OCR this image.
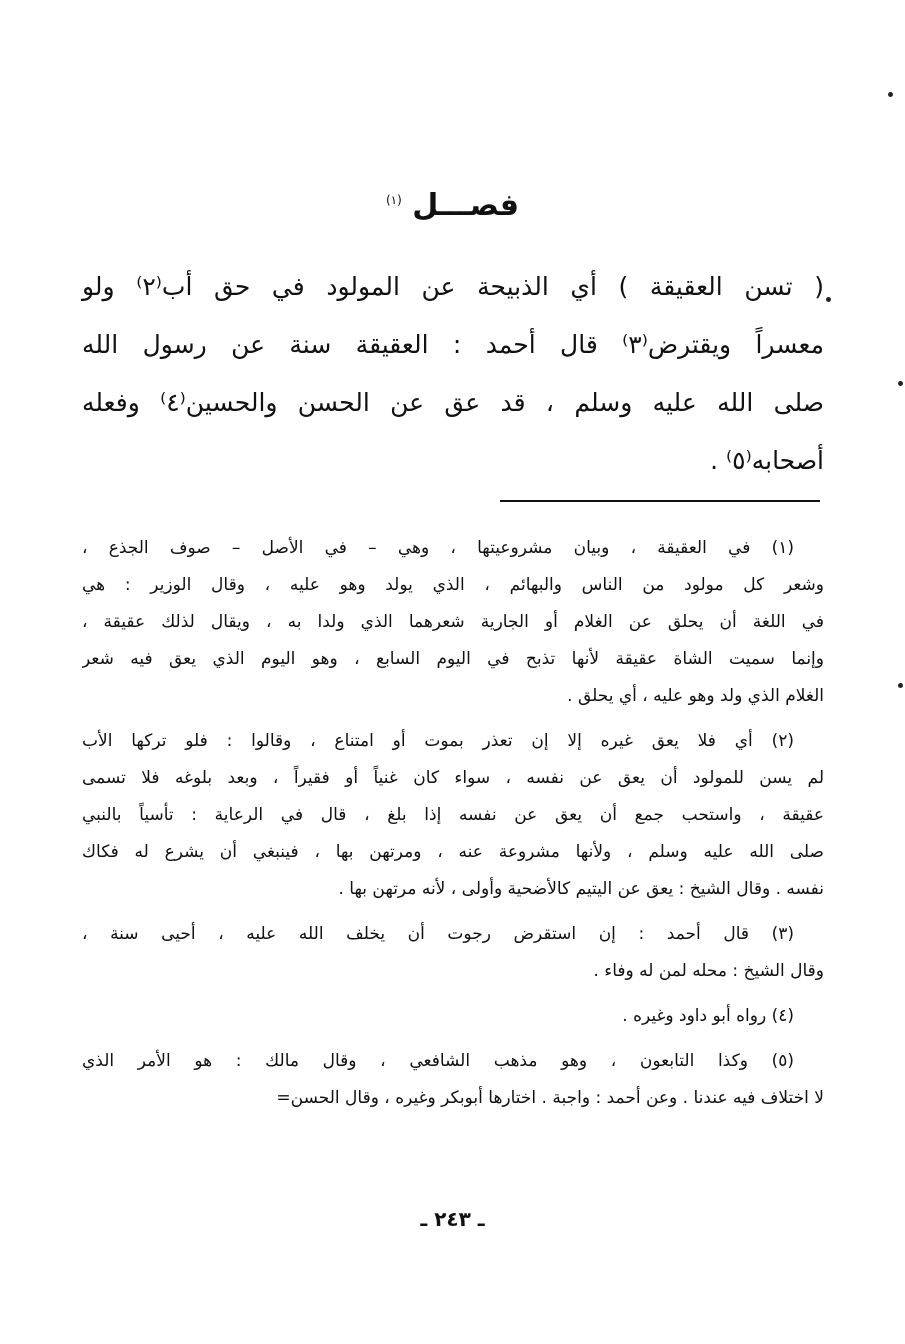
فصـــل $^{(١)}$
( تسن العقيقة ) أي الذبيحة عن المولود في حق أب⁽٢⁾ ولو
معسراً ويقترض⁽٣⁾ قال أحمد : العقيقة سنة عن رسول الله
صلى الله عليه وسلم ، قد عق عن الحسن والحسين⁽٤⁾ وفعله
أصحابه⁽٥⁾ .
(١) في العقيقة ، وبيان مشروعيتها ، وهي – في الأصل – صوف الجذع ،
وشعر كل مولود من الناس والبهائم ، الذي يولد وهو عليه ، وقال الوزير : هي
في اللغة أن يحلق عن الغلام أو الجارية شعرهما الذي ولدا به ، ويقال لذلك عقيقة ،
وإنما سميت الشاة عقيقة لأنها تذبح في اليوم السابع ، وهو اليوم الذي يعق فيه شعر
الغلام الذي ولد وهو عليه ، أي يحلق .
(٢) أي فلا يعق غيره إلا إن تعذر بموت أو امتناع ، وقالوا : فلو تركها الأب
لم يسن للمولود أن يعق عن نفسه ، سواء كان غنياً أو فقيراً ، وبعد بلوغه فلا تسمى
عقيقة ، واستحب جمع أن يعق عن نفسه إذا بلغ ، قال في الرعاية : تأسياً بالنبي
صلى الله عليه وسلم ، ولأنها مشروعة عنه ، ومرتهن بها ، فينبغي أن يشرع له فكاك
نفسه . وقال الشيخ : يعق عن اليتيم كالأضحية وأولى ، لأنه مرتهن بها .
(٣) قال أحمد : إن استقرض رجوت أن يخلف الله عليه ، أحيى سنة ،
وقال الشيخ : محله لمن له وفاء .
(٤) رواه أبو داود وغيره .
(٥) وكذا التابعون ، وهو مذهب الشافعي ، وقال مالك : هو الأمر الذي
لا اختلاف فيه عندنا . وعن أحمد : واجبة . اختارها أبوبكر وغيره ، وقال الحسن=
ـ ٢٤٣ ـ
